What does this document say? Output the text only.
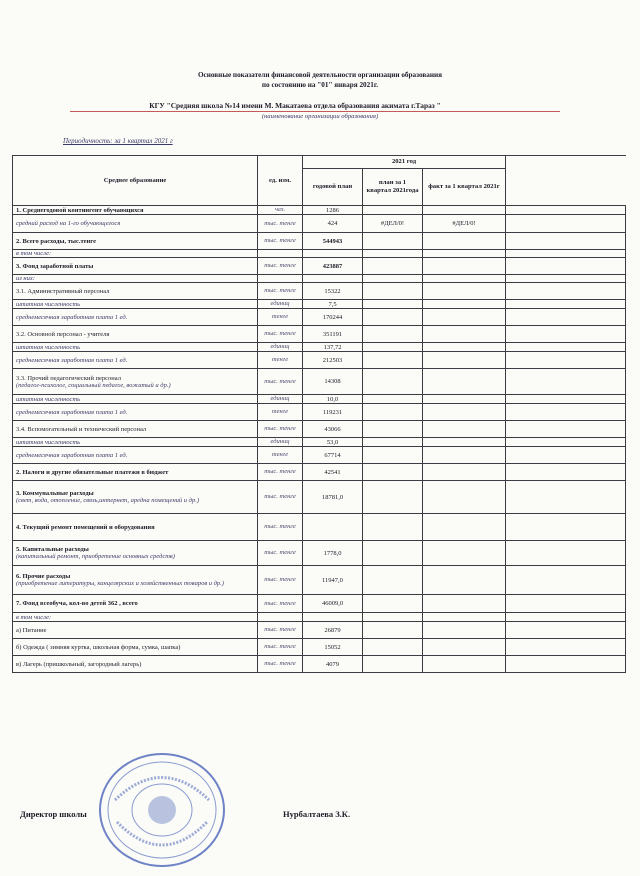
Основные показатели финансовой деятельности организации образования
по состоянию на "01" января 2021г.
КГУ "Средняя школа №14 имени М. Макатаева отдела образования акимата г.Тараз "
(наименование организации образования)
Периодичность: за 1 квартал 2021 г
Среднее образование	ед. изм.	2021 год			
		годовой план	план за 1 квартал 2021года	факт за 1 квартал 2021г	
1. Среднегодовой контингент обучающихся	чел.	1286			
средний расход на 1-го обучающегося	тыс. тенге	424	#ДЕЛ/0!	#ДЕЛ/0!	
2. Всего расходы, тыс.тенге	тыс. тенге	544943			
в том числе:					
3. Фонд заработной платы	тыс. тенге	423887			
из них:					
3.1. Административный персонал	тыс. тенге	15322			
штатная численность	единиц	7,5			
среднемесячная заработная плата 1 ед.	тенге	170244			
3.2. Основной персонал - учителя	тыс. тенге	351191			
штатная численность	единиц	137,72			
среднемесячная заработная плата 1 ед.	тенге	212503			
3.3. Прочий педагогический персонал
(педагог-психолог, социальный педагог, вожатый и др.)	тыс. тенге	14308			
штатная численность	единиц	10,0			
среднемесячная заработная плата 1 ед.	тенге	119231			
3.4. Вспомогательный и технический персонал	тыс. тенге	43066			
штатная численность	единиц	53,0			
среднемесячная заработная плата 1 ед.	тенге	67714			
2. Налоги и другие обязательные платежи в бюджет	тыс. тенге	42541			
3. Коммунальные расходы
(свет, вода, отопление, связь,интернет, аредна помещений и др.)	тыс. тенге	18781,0			
4. Текущий ремонт помещений и оборудования	тыс. тенге				
5. Капитальные расходы
(капитальный ремонт, приобретение основных средств)	тыс. тенге	1778,0			
6. Прочие расходы
(приобретение литературы, канцелярских и хозяйственных товаров и др.)	тыс. тенге	11947,0			
7. Фонд всеобуча, кол-во детей 362 , всего	тыс. тенге	46009,0			
в том числе:					
а) Питание	тыс. тенге	26879			
б) Одежда ( зимняя куртка, школьная форма, сумка, шапка)	тыс. тенге	15052			
в) Лагерь (пришкольный, загородный лагерь)	тыс. тенге	4079			
Директор школы	Нурбалтаева З.К.
